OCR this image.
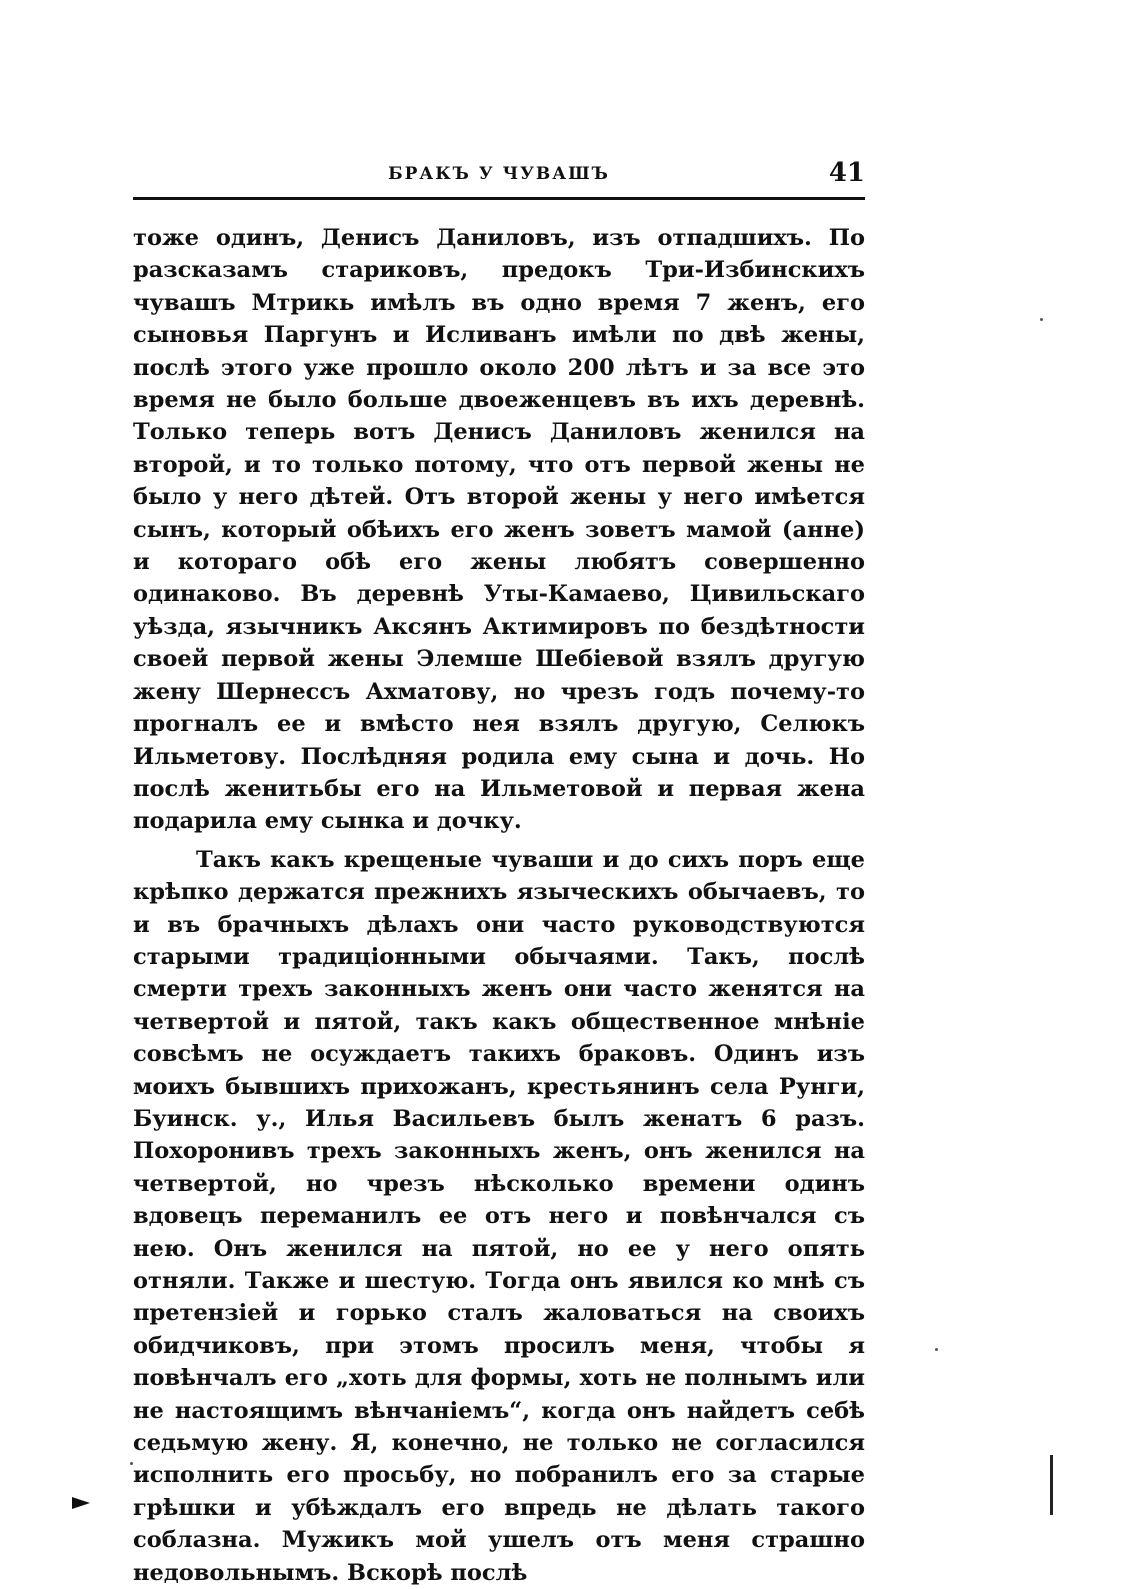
БРАКЪ У ЧУВАШЪ	41

тоже одинъ, Денисъ Даниловъ, изъ отпадшихъ. По разсказамъ стариковъ, предокъ Три-Избинскихъ чувашъ Мтрикь имѣлъ въ одно время 7 женъ, его сыновья Паргунъ и Исливанъ имѣли по двѣ жены, послѣ этого уже прошло около 200 лѣтъ и за все это время не было больше двоеженцевъ въ ихъ деревнѣ. Только теперь вотъ Денисъ Даниловъ женился на второй, и то только потому, что отъ первой жены не было у него дѣтей. Отъ второй жены у него имѣется сынъ, который обѣихъ его женъ зоветъ мамой (анне) и котораго обѣ его жены любятъ совершенно одинаково. Въ деревнѣ Уты-Камаево, Цивильскаго уѣзда, язычникъ Аксянъ Актимировъ по бездѣтности своей первой жены Элемше Шебіевой взялъ другую жену Шернессъ Ахматову, но чрезъ годъ почему-то прогналъ ее и вмѣсто нея взялъ другую, Селюкъ Ильметову. Послѣдняя родила ему сына и дочь. Но послѣ женитьбы его на Ильметовой и первая жена подарила ему сынка и дочку.

Такъ какъ крещеные чуваши и до сихъ поръ еще крѣпко держатся прежнихъ языческихъ обычаевъ, то и въ брачныхъ дѣлахъ они часто руководствуются старыми традиціонными обычаями. Такъ, послѣ смерти трехъ законныхъ женъ они часто женятся на четвертой и пятой, такъ какъ общественное мнѣніе совсѣмъ не осуждаетъ такихъ браковъ. Одинъ изъ моихъ бывшихъ прихожанъ, крестьянинъ села Рунги, Буинск. у., Илья Васильевъ былъ женатъ 6 разъ. Похоронивъ трехъ законныхъ женъ, онъ женился на четвертой, но чрезъ нѣсколько времени одинъ вдовецъ переманилъ ее отъ него и повѣнчался съ нею. Онъ женился на пятой, но ее у него опять отняли. Также и шестую. Тогда онъ явился ко мнѣ съ претензіей и горько сталъ жаловаться на своихъ обидчиковъ, при этомъ просилъ меня, чтобы я повѣнчалъ его „хоть для формы, хоть не полнымъ или не настоящимъ вѣнчаніемъ“, когда онъ найдетъ себѣ седьмую жену. Я, конечно, не только не согласился исполнить его просьбу, но побранилъ его за старые грѣшки и убѣждалъ его впредь не дѣлать такого соблазна. Мужикъ мой ушелъ отъ меня страшно недовольнымъ. Вскорѣ послѣ
